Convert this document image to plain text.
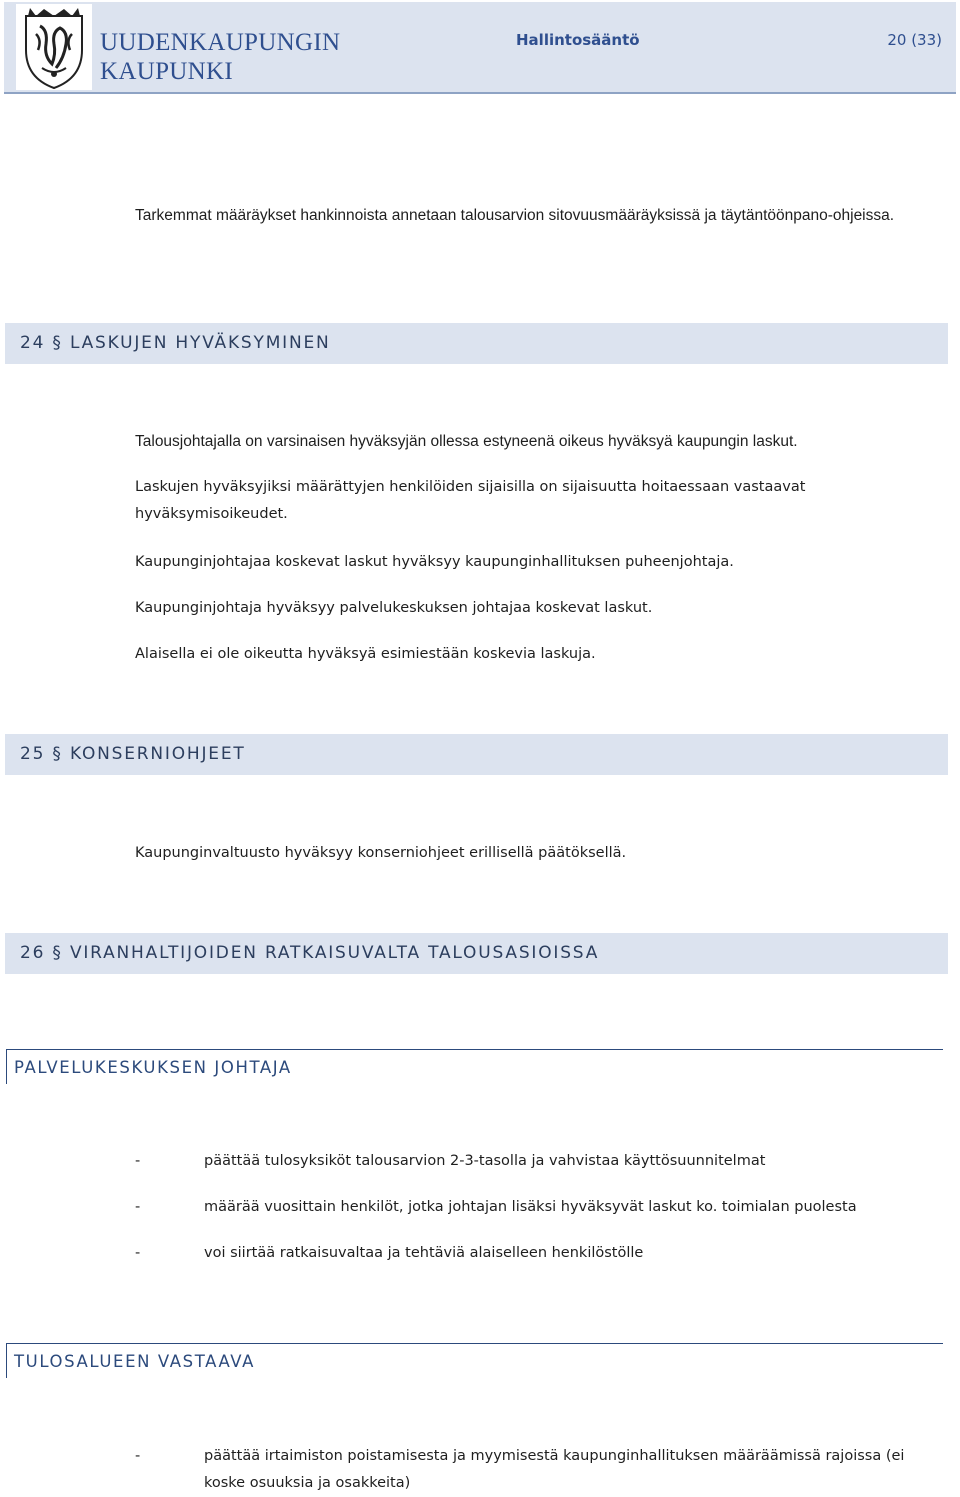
UUDENKAUPUNGIN KAUPUNKI
Hallintosääntö	20 (33)
Tarkemmat määräykset hankinnoista annetaan talousarvion sitovuusmääräyksissä ja täytäntöönpano-ohjeissa.
24 § LASKUJEN HYVÄKSYMINEN
Talousjohtajalla on varsinaisen hyväksyjän ollessa estyneenä oikeus hyväksyä kaupungin laskut.
Laskujen hyväksyjiksi määrättyjen henkilöiden sijaisilla on sijaisuutta hoitaessaan vastaavat hyväksymisoikeudet.
Kaupunginjohtajaa koskevat laskut hyväksyy kaupunginhallituksen puheenjohtaja.
Kaupunginjohtaja hyväksyy palvelukeskuksen johtajaa koskevat laskut.
Alaisella ei ole oikeutta hyväksyä esimiestään koskevia laskuja.
25 § KONSERNIOHJEET
Kaupunginvaltuusto hyväksyy konserniohjeet erillisellä päätöksellä.
26 § VIRANHALTIJOIDEN RATKAISUVALTA TALOUSASIOISSA
PALVELUKESKUKSEN JOHTAJA
-	päättää tulosyksiköt talousarvion 2-3-tasolla ja vahvistaa käyttösuunnitelmat
-	määrää vuosittain henkilöt, jotka johtajan lisäksi hyväksyvät laskut ko. toimialan puolesta
-	voi siirtää ratkaisuvaltaa ja tehtäviä alaiselleen henkilöstölle
TULOSALUEEN VASTAAVA
-	päättää irtaimiston poistamisesta ja myymisestä kaupunginhallituksen määräämissä rajoissa (ei koske osuuksia ja osakkeita)
